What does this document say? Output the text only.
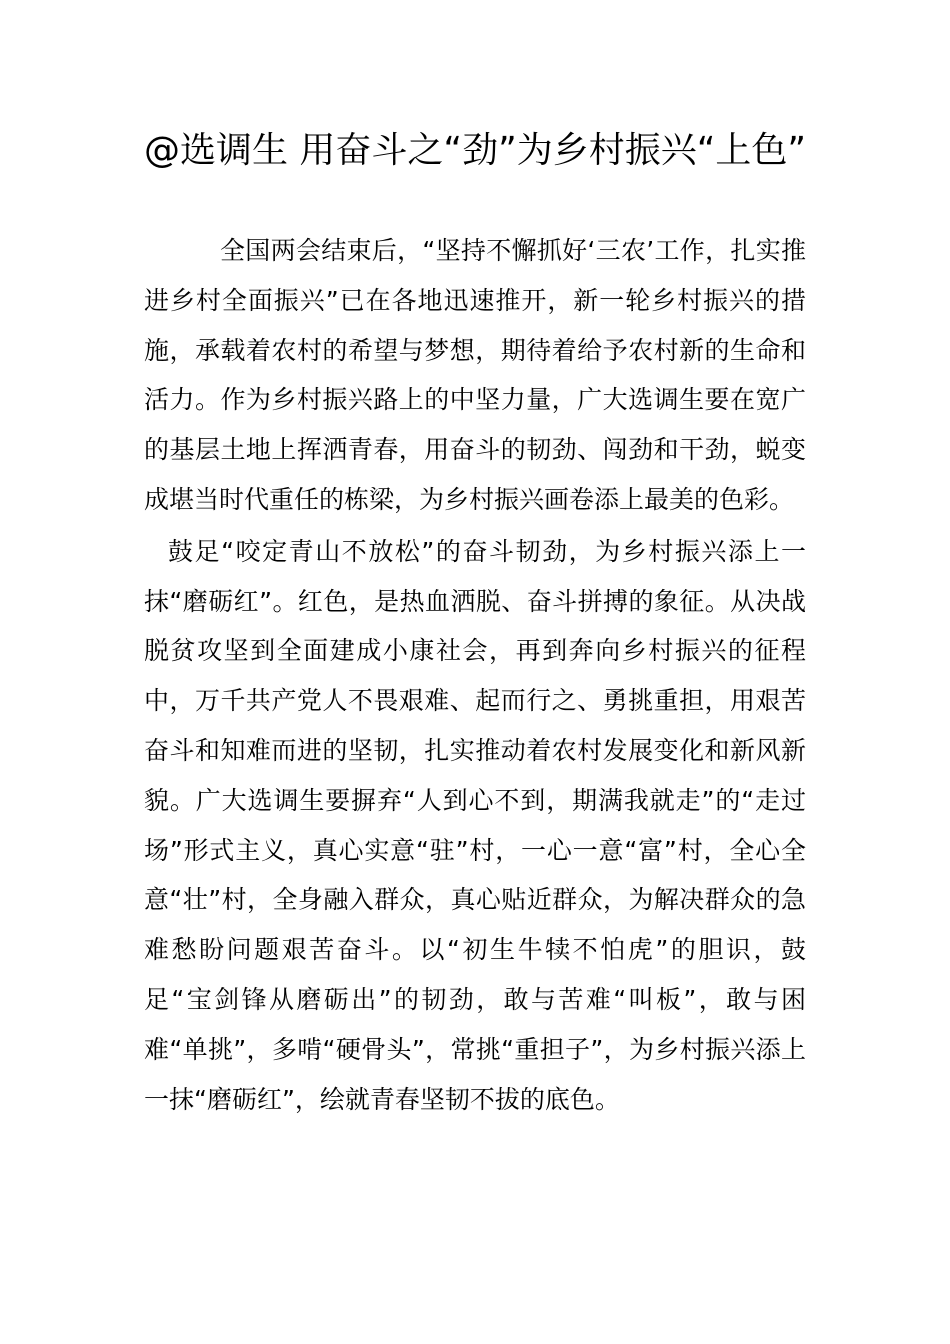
@选调生 用奋斗之“劲”为乡村振兴“上色”

全国两会结束后，“坚持不懈抓好‘三农’工作，扎实推进乡村全面振兴”已在各地迅速推开，新一轮乡村振兴的措施，承载着农村的希望与梦想，期待着给予农村新的生命和活力。作为乡村振兴路上的中坚力量，广大选调生要在宽广的基层土地上挥洒青春，用奋斗的韧劲、闯劲和干劲，蜕变成堪当时代重任的栋梁，为乡村振兴画卷添上最美的色彩。

鼓足“咬定青山不放松”的奋斗韧劲，为乡村振兴添上一抹“磨砺红”。红色，是热血洒脱、奋斗拼搏的象征。从决战脱贫攻坚到全面建成小康社会，再到奔向乡村振兴的征程中，万千共产党人不畏艰难、起而行之、勇挑重担，用艰苦奋斗和知难而进的坚韧，扎实推动着农村发展变化和新风新貌。广大选调生要摒弃“人到心不到，期满我就走”的“走过场”形式主义，真心实意“驻”村，一心一意“富”村，全心全意“壮”村，全身融入群众，真心贴近群众，为解决群众的急难愁盼问题艰苦奋斗。以“初生牛犊不怕虎”的胆识，鼓足“宝剑锋从磨砺出”的韧劲，敢与苦难“叫板”，敢与困难“单挑”，多啃“硬骨头”，常挑“重担子”，为乡村振兴添上一抹“磨砺红”，绘就青春坚韧不拔的底色。
